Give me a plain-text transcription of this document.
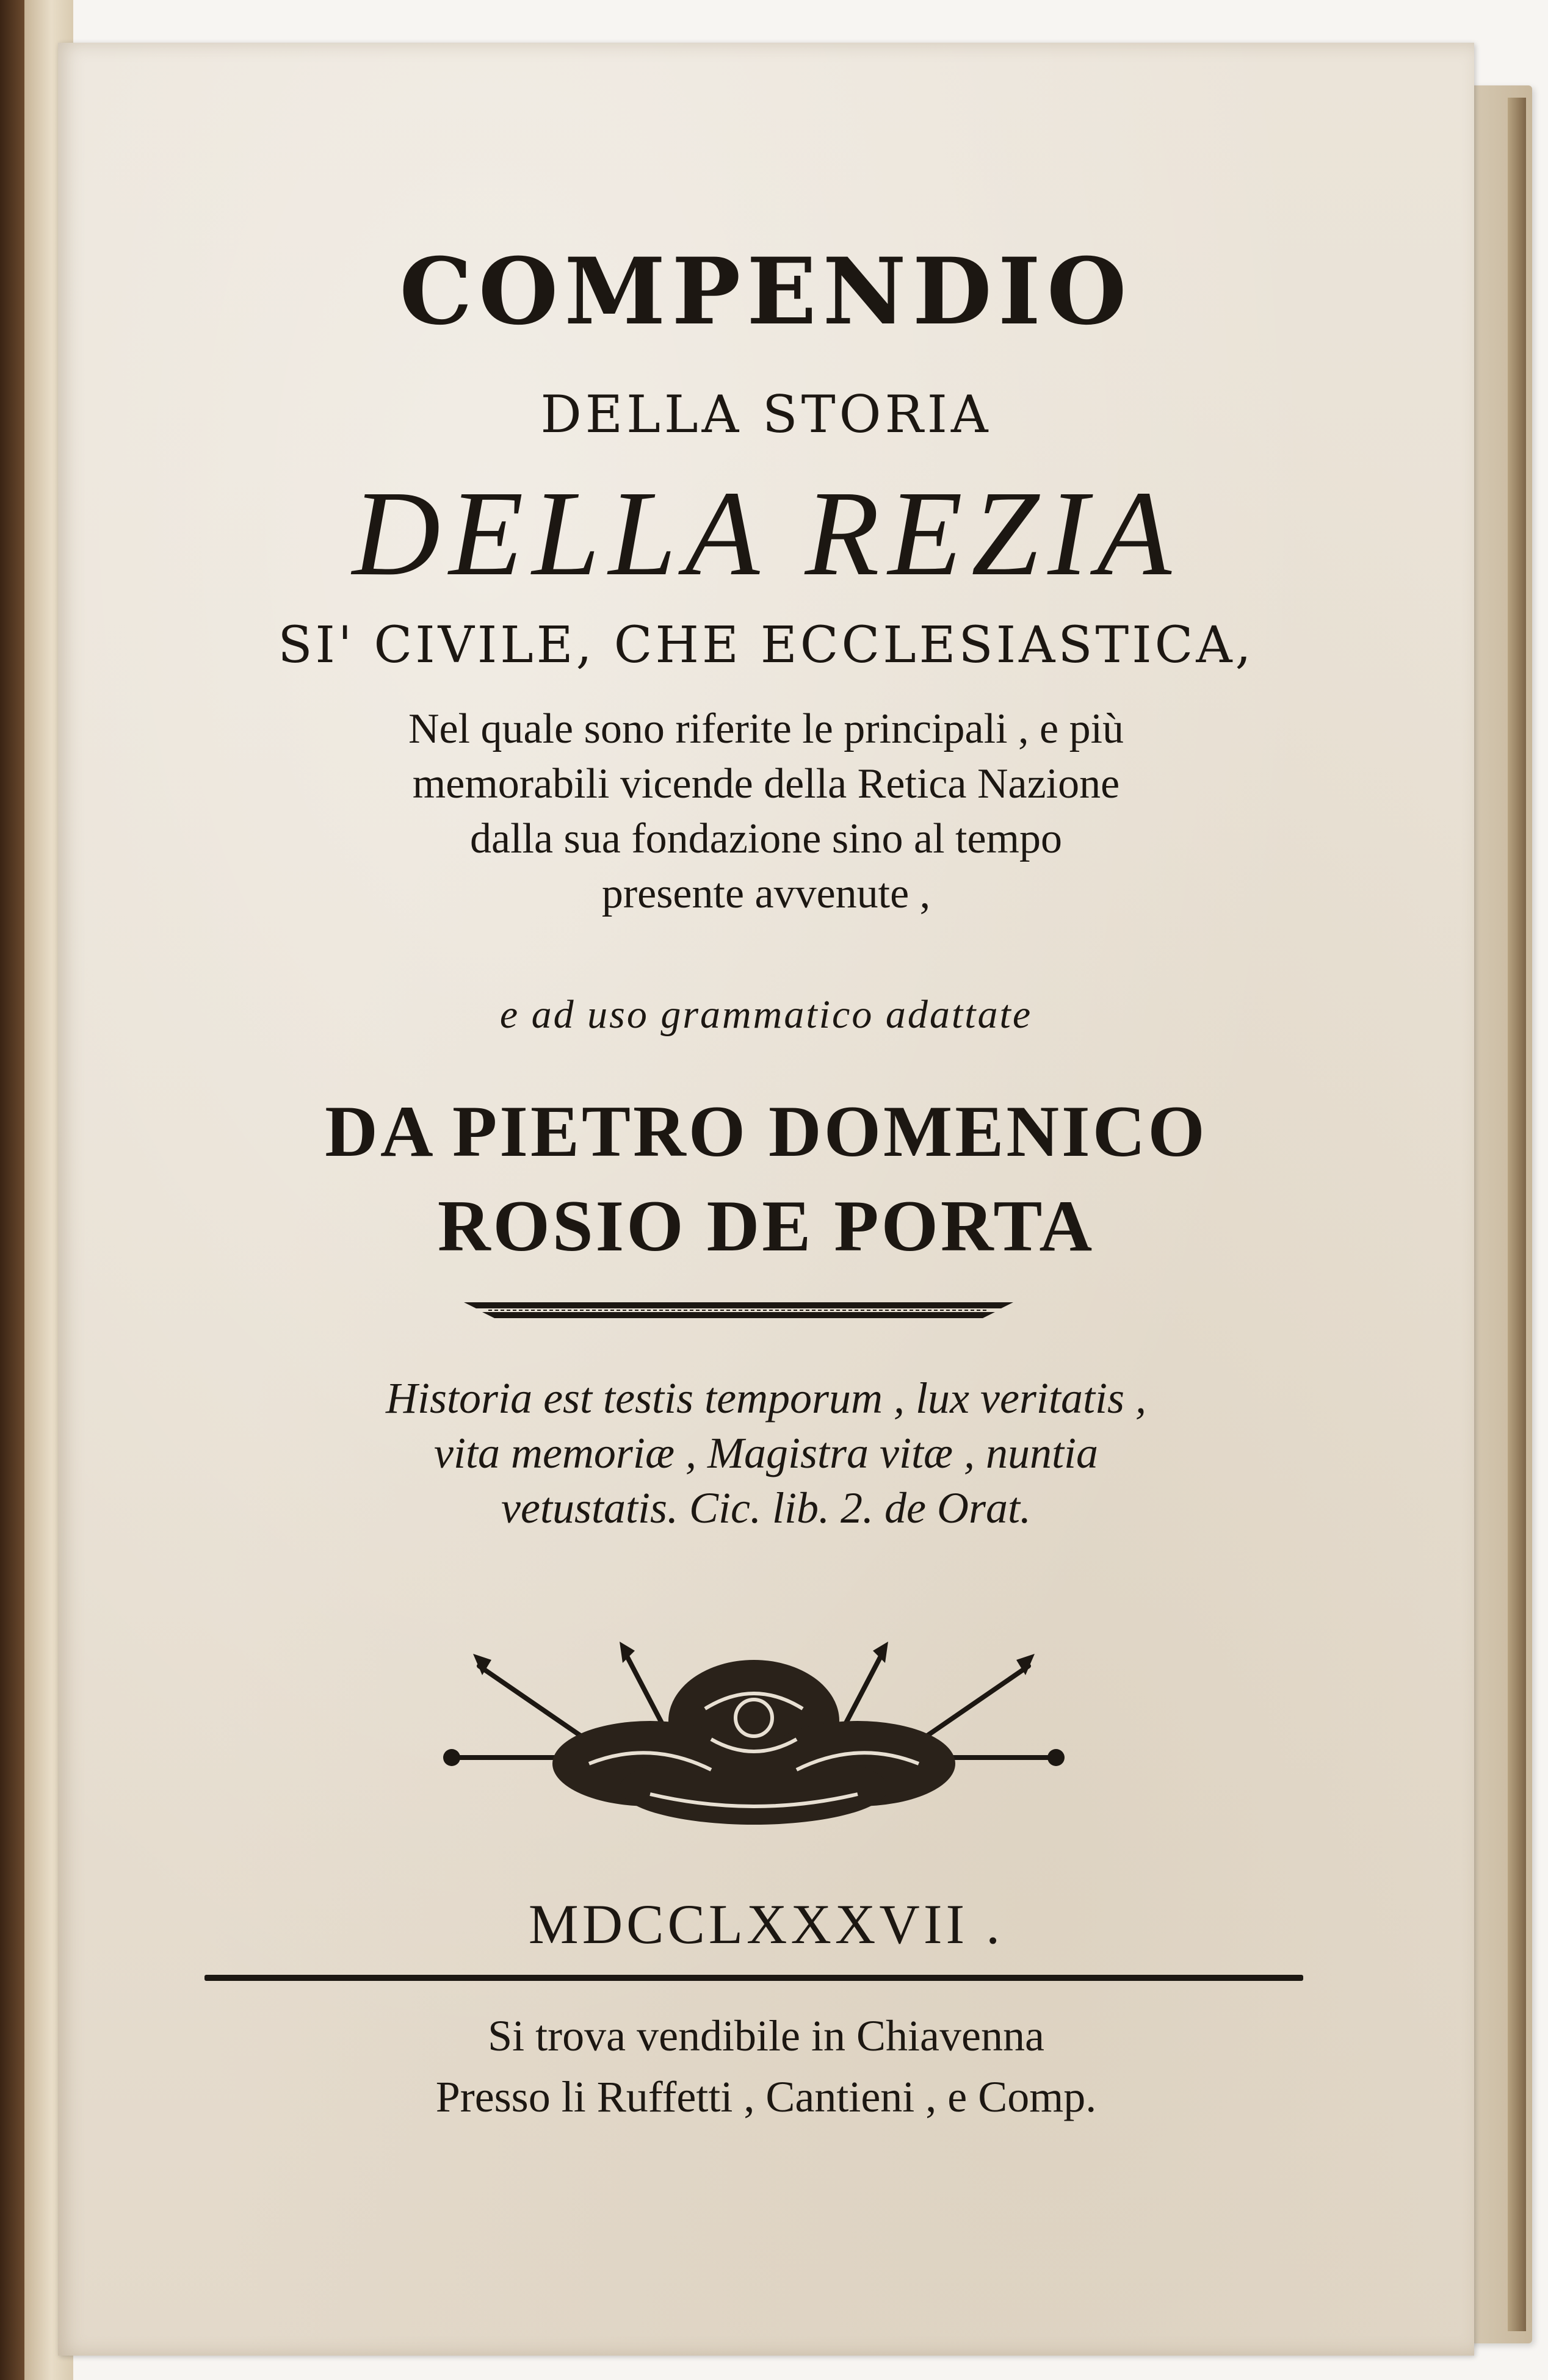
COMPENDIO
DELLA STORIA
DELLA REZIA
SI' CIVILE, CHE ECCLESIASTICA,
Nel quale sono riferite le principali , e più
memorabili vicende della Retica Nazione
dalla sua fondazione sino al tempo
presente avvenute ,
e ad uso grammatico adattate
DA PIETRO DOMENICO
ROSIO DE PORTA
Historia est testis temporum , lux veritatis ,
vita memoriæ , Magistra vitæ , nuntia
vetustatis. Cic. lib. 2. de Orat.
MDCCLXXXVII .
Si trova vendibile in Chiavenna
Presso li Ruffetti , Cantieni , e Comp.
